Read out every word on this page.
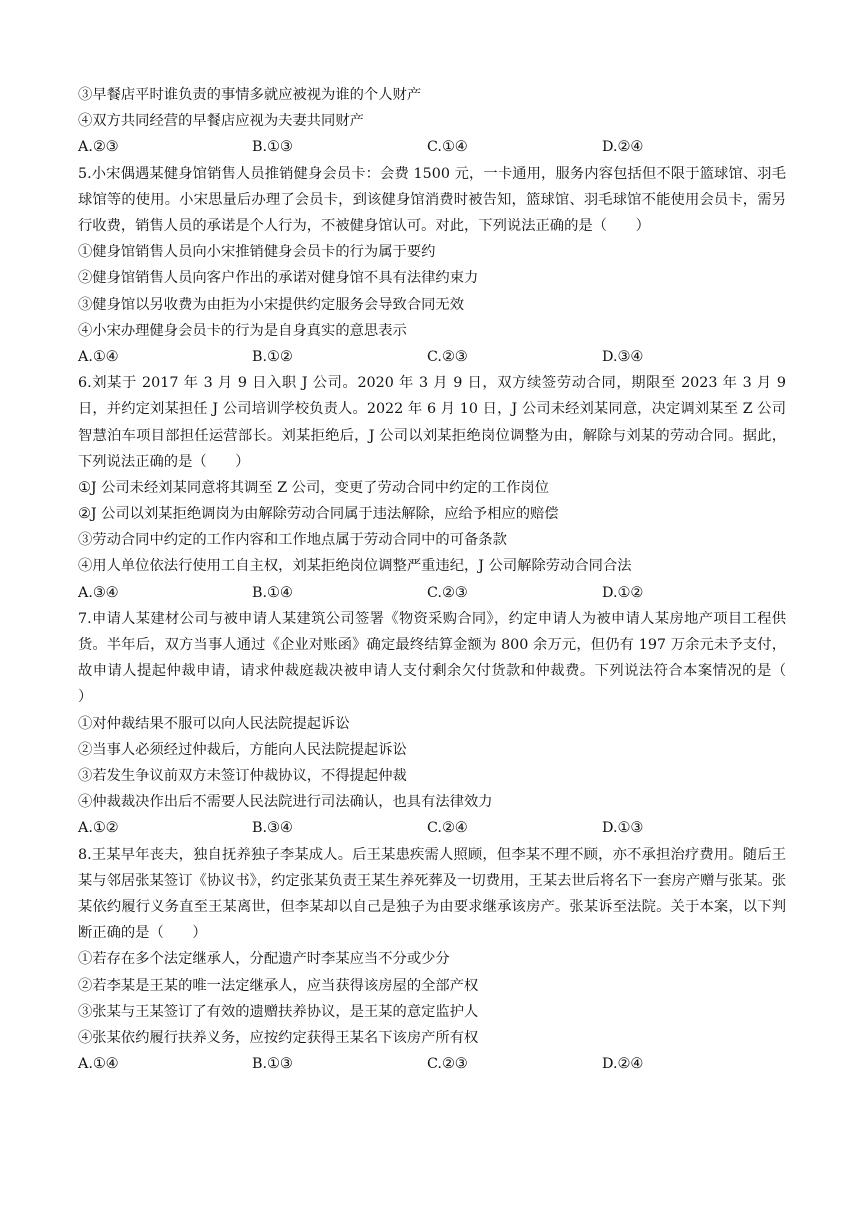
③早餐店平时谁负责的事情多就应被视为谁的个人财产
④双方共同经营的早餐店应视为夫妻共同财产
A.②③	B.①③	C.①④	D.②④
5.小宋偶遇某健身馆销售人员推销健身会员卡：会费 1500 元，一卡通用，服务内容包括但不限于篮球馆、羽毛球馆等的使用。小宋思量后办理了会员卡，到该健身馆消费时被告知，篮球馆、羽毛球馆不能使用会员卡，需另行收费，销售人员的承诺是个人行为，不被健身馆认可。对此，下列说法正确的是（　　）
①健身馆销售人员向小宋推销健身会员卡的行为属于要约
②健身馆销售人员向客户作出的承诺对健身馆不具有法律约束力
③健身馆以另收费为由拒为小宋提供约定服务会导致合同无效
④小宋办理健身会员卡的行为是自身真实的意思表示
A.①④	B.①②	C.②③	D.③④
6.刘某于 2017 年 3 月 9 日入职 J 公司。2020 年 3 月 9 日，双方续签劳动合同，期限至 2023 年 3 月 9 日，并约定刘某担任 J 公司培训学校负责人。2022 年 6 月 10 日，J 公司未经刘某同意，决定调刘某至 Z 公司智慧泊车项目部担任运营部长。刘某拒绝后，J 公司以刘某拒绝岗位调整为由，解除与刘某的劳动合同。据此，下列说法正确的是（　　）
①J 公司未经刘某同意将其调至 Z 公司，变更了劳动合同中约定的工作岗位
②J 公司以刘某拒绝调岗为由解除劳动合同属于违法解除，应给予相应的赔偿
③劳动合同中约定的工作内容和工作地点属于劳动合同中的可备条款
④用人单位依法行使用工自主权，刘某拒绝岗位调整严重违纪，J 公司解除劳动合同合法
A.③④	B.①④	C.②③	D.①②
7.申请人某建材公司与被申请人某建筑公司签署《物资采购合同》，约定申请人为被申请人某房地产项目工程供货。半年后，双方当事人通过《企业对账函》确定最终结算金额为 800 余万元，但仍有 197 万余元未予支付，故申请人提起仲裁申请，请求仲裁庭裁决被申请人支付剩余欠付货款和仲裁费。下列说法符合本案情况的是（　　）
①对仲裁结果不服可以向人民法院提起诉讼
②当事人必须经过仲裁后，方能向人民法院提起诉讼
③若发生争议前双方未签订仲裁协议，不得提起仲裁
④仲裁裁决作出后不需要人民法院进行司法确认，也具有法律效力
A.①②	B.③④	C.②④	D.①③
8.王某早年丧夫，独自抚养独子李某成人。后王某患疾需人照顾，但李某不理不顾，亦不承担治疗费用。随后王某与邻居张某签订《协议书》，约定张某负责王某生养死葬及一切费用，王某去世后将名下一套房产赠与张某。张某依约履行义务直至王某离世，但李某却以自己是独子为由要求继承该房产。张某诉至法院。关于本案，以下判断正确的是（　　）
①若存在多个法定继承人，分配遗产时李某应当不分或少分
②若李某是王某的唯一法定继承人，应当获得该房屋的全部产权
③张某与王某签订了有效的遗赠扶养协议，是王某的意定监护人
④张某依约履行扶养义务，应按约定获得王某名下该房产所有权
A.①④	B.①③	C.②③	D.②④
